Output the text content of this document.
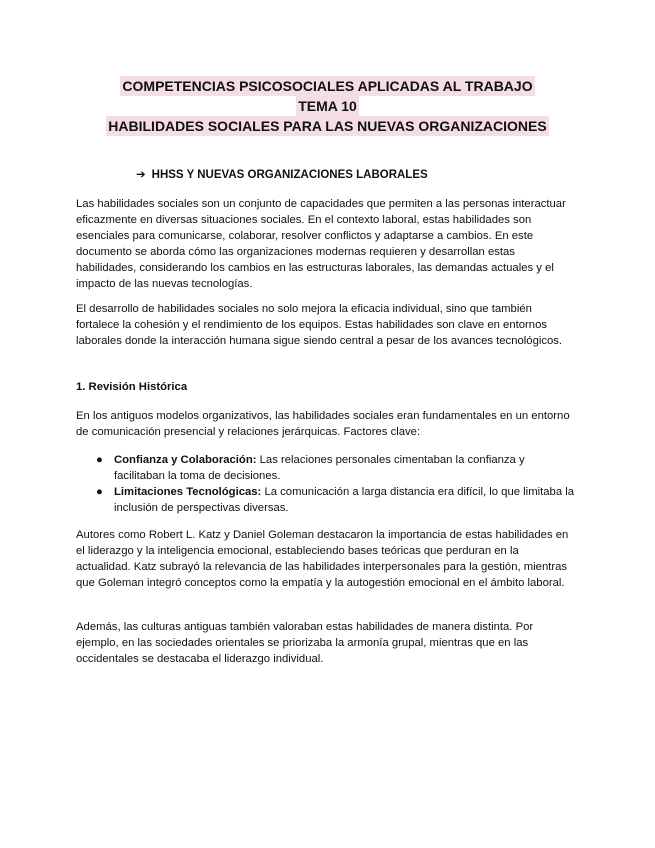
COMPETENCIAS PSICOSOCIALES APLICADAS AL TRABAJO
TEMA 10
HABILIDADES SOCIALES PARA LAS NUEVAS ORGANIZACIONES
➔ HHSS Y NUEVAS ORGANIZACIONES LABORALES

Las habilidades sociales son un conjunto de capacidades que permiten a las personas interactuar eficazmente en diversas situaciones sociales. En el contexto laboral, estas habilidades son esenciales para comunicarse, colaborar, resolver conflictos y adaptarse a cambios. En este documento se aborda cómo las organizaciones modernas requieren y desarrollan estas habilidades, considerando los cambios en las estructuras laborales, las demandas actuales y el impacto de las nuevas tecnologías.

El desarrollo de habilidades sociales no solo mejora la eficacia individual, sino que también fortalece la cohesión y el rendimiento de los equipos. Estas habilidades son clave en entornos laborales donde la interacción humana sigue siendo central a pesar de los avances tecnológicos.

1. Revisión Histórica

En los antiguos modelos organizativos, las habilidades sociales eran fundamentales en un entorno de comunicación presencial y relaciones jerárquicas. Factores clave:

● Confianza y Colaboración: Las relaciones personales cimentaban la confianza y facilitaban la toma de decisiones.
● Limitaciones Tecnológicas: La comunicación a larga distancia era difícil, lo que limitaba la inclusión de perspectivas diversas.

Autores como Robert L. Katz y Daniel Goleman destacaron la importancia de estas habilidades en el liderazgo y la inteligencia emocional, estableciendo bases teóricas que perduran en la actualidad. Katz subrayó la relevancia de las habilidades interpersonales para la gestión, mientras que Goleman integró conceptos como la empatía y la autogestión emocional en el ámbito laboral.

Además, las culturas antiguas también valoraban estas habilidades de manera distinta. Por ejemplo, en las sociedades orientales se priorizaba la armonía grupal, mientras que en las occidentales se destacaba el liderazgo individual.
